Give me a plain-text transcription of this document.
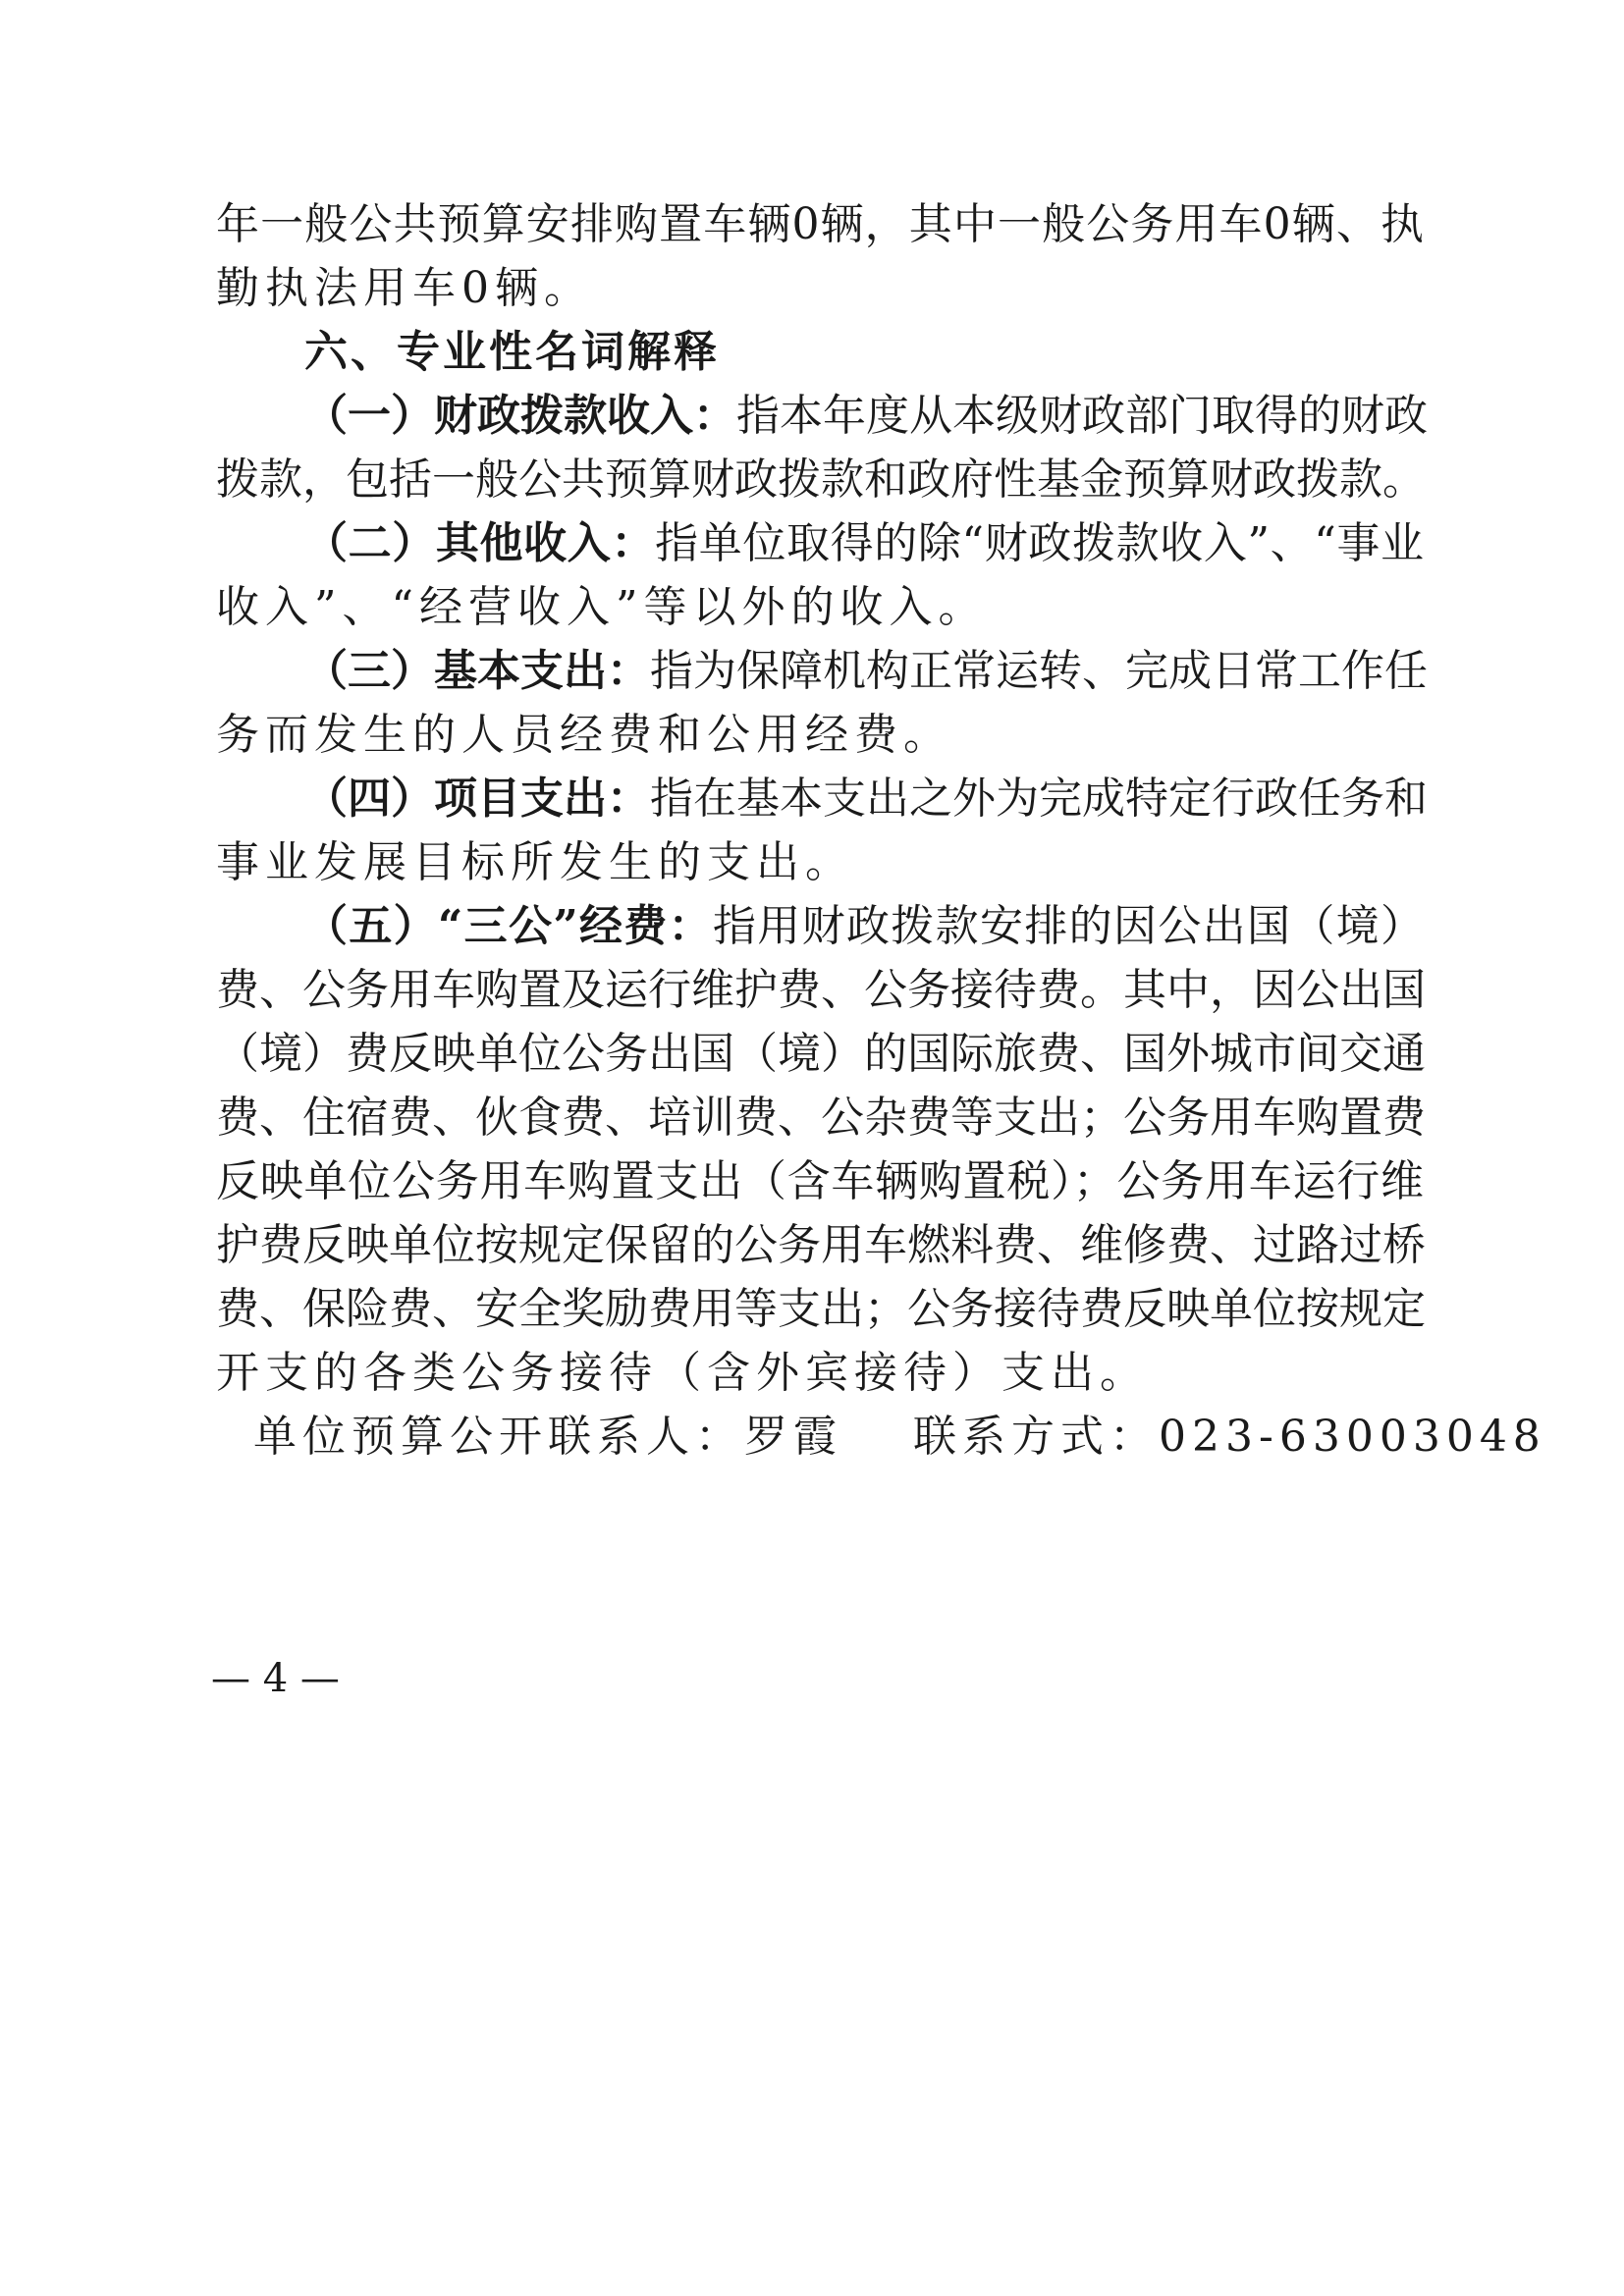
年一般公共预算安排购置车辆0辆，其中一般公务用车0辆、执
勤执法用车0辆。
六、专业性名词解释
（一）财政拨款收入：指本年度从本级财政部门取得的财政
拨款，包括一般公共预算财政拨款和政府性基金预算财政拨款。
（二）其他收入：指单位取得的除“财政拨款收入”、“事业
收入”、“经营收入”等以外的收入。
（三）基本支出：指为保障机构正常运转、完成日常工作任
务而发生的人员经费和公用经费。
（四）项目支出：指在基本支出之外为完成特定行政任务和
事业发展目标所发生的支出。
（五）“三公”经费：指用财政拨款安排的因公出国（境）
费、公务用车购置及运行维护费、公务接待费。其中，因公出国
（境）费反映单位公务出国（境）的国际旅费、国外城市间交通
费、住宿费、伙食费、培训费、公杂费等支出；公务用车购置费
反映单位公务用车购置支出（含车辆购置税）；公务用车运行维
护费反映单位按规定保留的公务用车燃料费、维修费、过路过桥
费、保险费、安全奖励费用等支出；公务接待费反映单位按规定
开支的各类公务接待（含外宾接待）支出。
单位预算公开联系人：罗霞 联系方式：023-63003048
— 4 —
